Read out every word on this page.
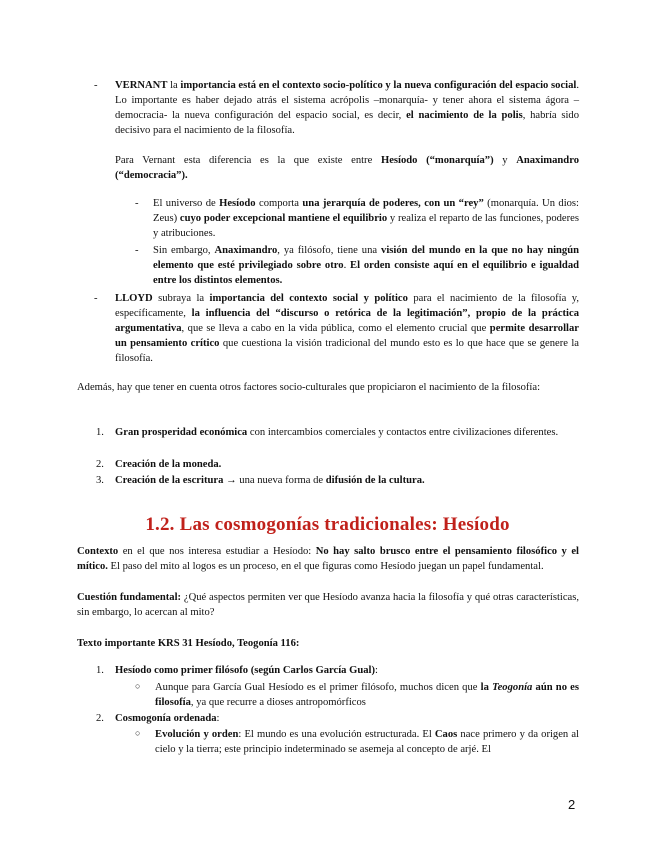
- VERNANT la importancia está en el contexto socio-político y la nueva configuración del espacio social. Lo importante es haber dejado atrás el sistema acrópolis –monarquía- y tener ahora el sistema ágora –democracia- la nueva configuración del espacio social, es decir, el nacimiento de la polis, habría sido decisivo para el nacimiento de la filosofía.

Para Vernant esta diferencia es la que existe entre Hesíodo (“monarquía”) y Anaximandro (“democracia”).

- El universo de Hesíodo comporta una jerarquía de poderes, con un “rey” (monarquía. Un dios: Zeus) cuyo poder excepcional mantiene el equilibrio y realiza el reparto de las funciones, poderes y atribuciones.

- Sin embargo, Anaximandro, ya filósofo, tiene una visión del mundo en la que no hay ningún elemento que esté privilegiado sobre otro. El orden consiste aquí en el equilibrio e igualdad entre los distintos elementos.

- LLOYD subraya la importancia del contexto social y político para el nacimiento de la filosofía y, específicamente, la influencia del “discurso o retórica de la legitimación”, propio de la práctica argumentativa, que se lleva a cabo en la vida pública, como el elemento crucial que permite desarrollar un pensamiento crítico que cuestiona la visión tradicional del mundo esto es lo que hace que se genere la filosofía.

Además, hay que tener en cuenta otros factores socio-culturales que propiciaron el nacimiento de la filosofía:

1. Gran prosperidad económica con intercambios comerciales y contactos entre civilizaciones diferentes.

2. Creación de la moneda.

3. Creación de la escritura → una nueva forma de difusión de la cultura.

1.2. Las cosmogonías tradicionales: Hesíodo

Contexto en el que nos interesa estudiar a Hesíodo: No hay salto brusco entre el pensamiento filosófico y el mítico. El paso del mito al logos es un proceso, en el que figuras como Hesíodo juegan un papel fundamental.

Cuestión fundamental: ¿Qué aspectos permiten ver que Hesíodo avanza hacia la filosofía y qué otras características, sin embargo, lo acercan al mito?

Texto importante KRS 31 Hesíodo, Teogonía 116:

1. Hesíodo como primer filósofo (según Carlos García Gual):

○ Aunque para García Gual Hesíodo es el primer filósofo, muchos dicen que la Teogonía aún no es filosofía, ya que recurre a dioses antropomórficos

2. Cosmogonía ordenada:

○ Evolución y orden: El mundo es una evolución estructurada. El Caos nace primero y da origen al cielo y la tierra; este principio indeterminado se asemeja al concepto de arjé. El

2
